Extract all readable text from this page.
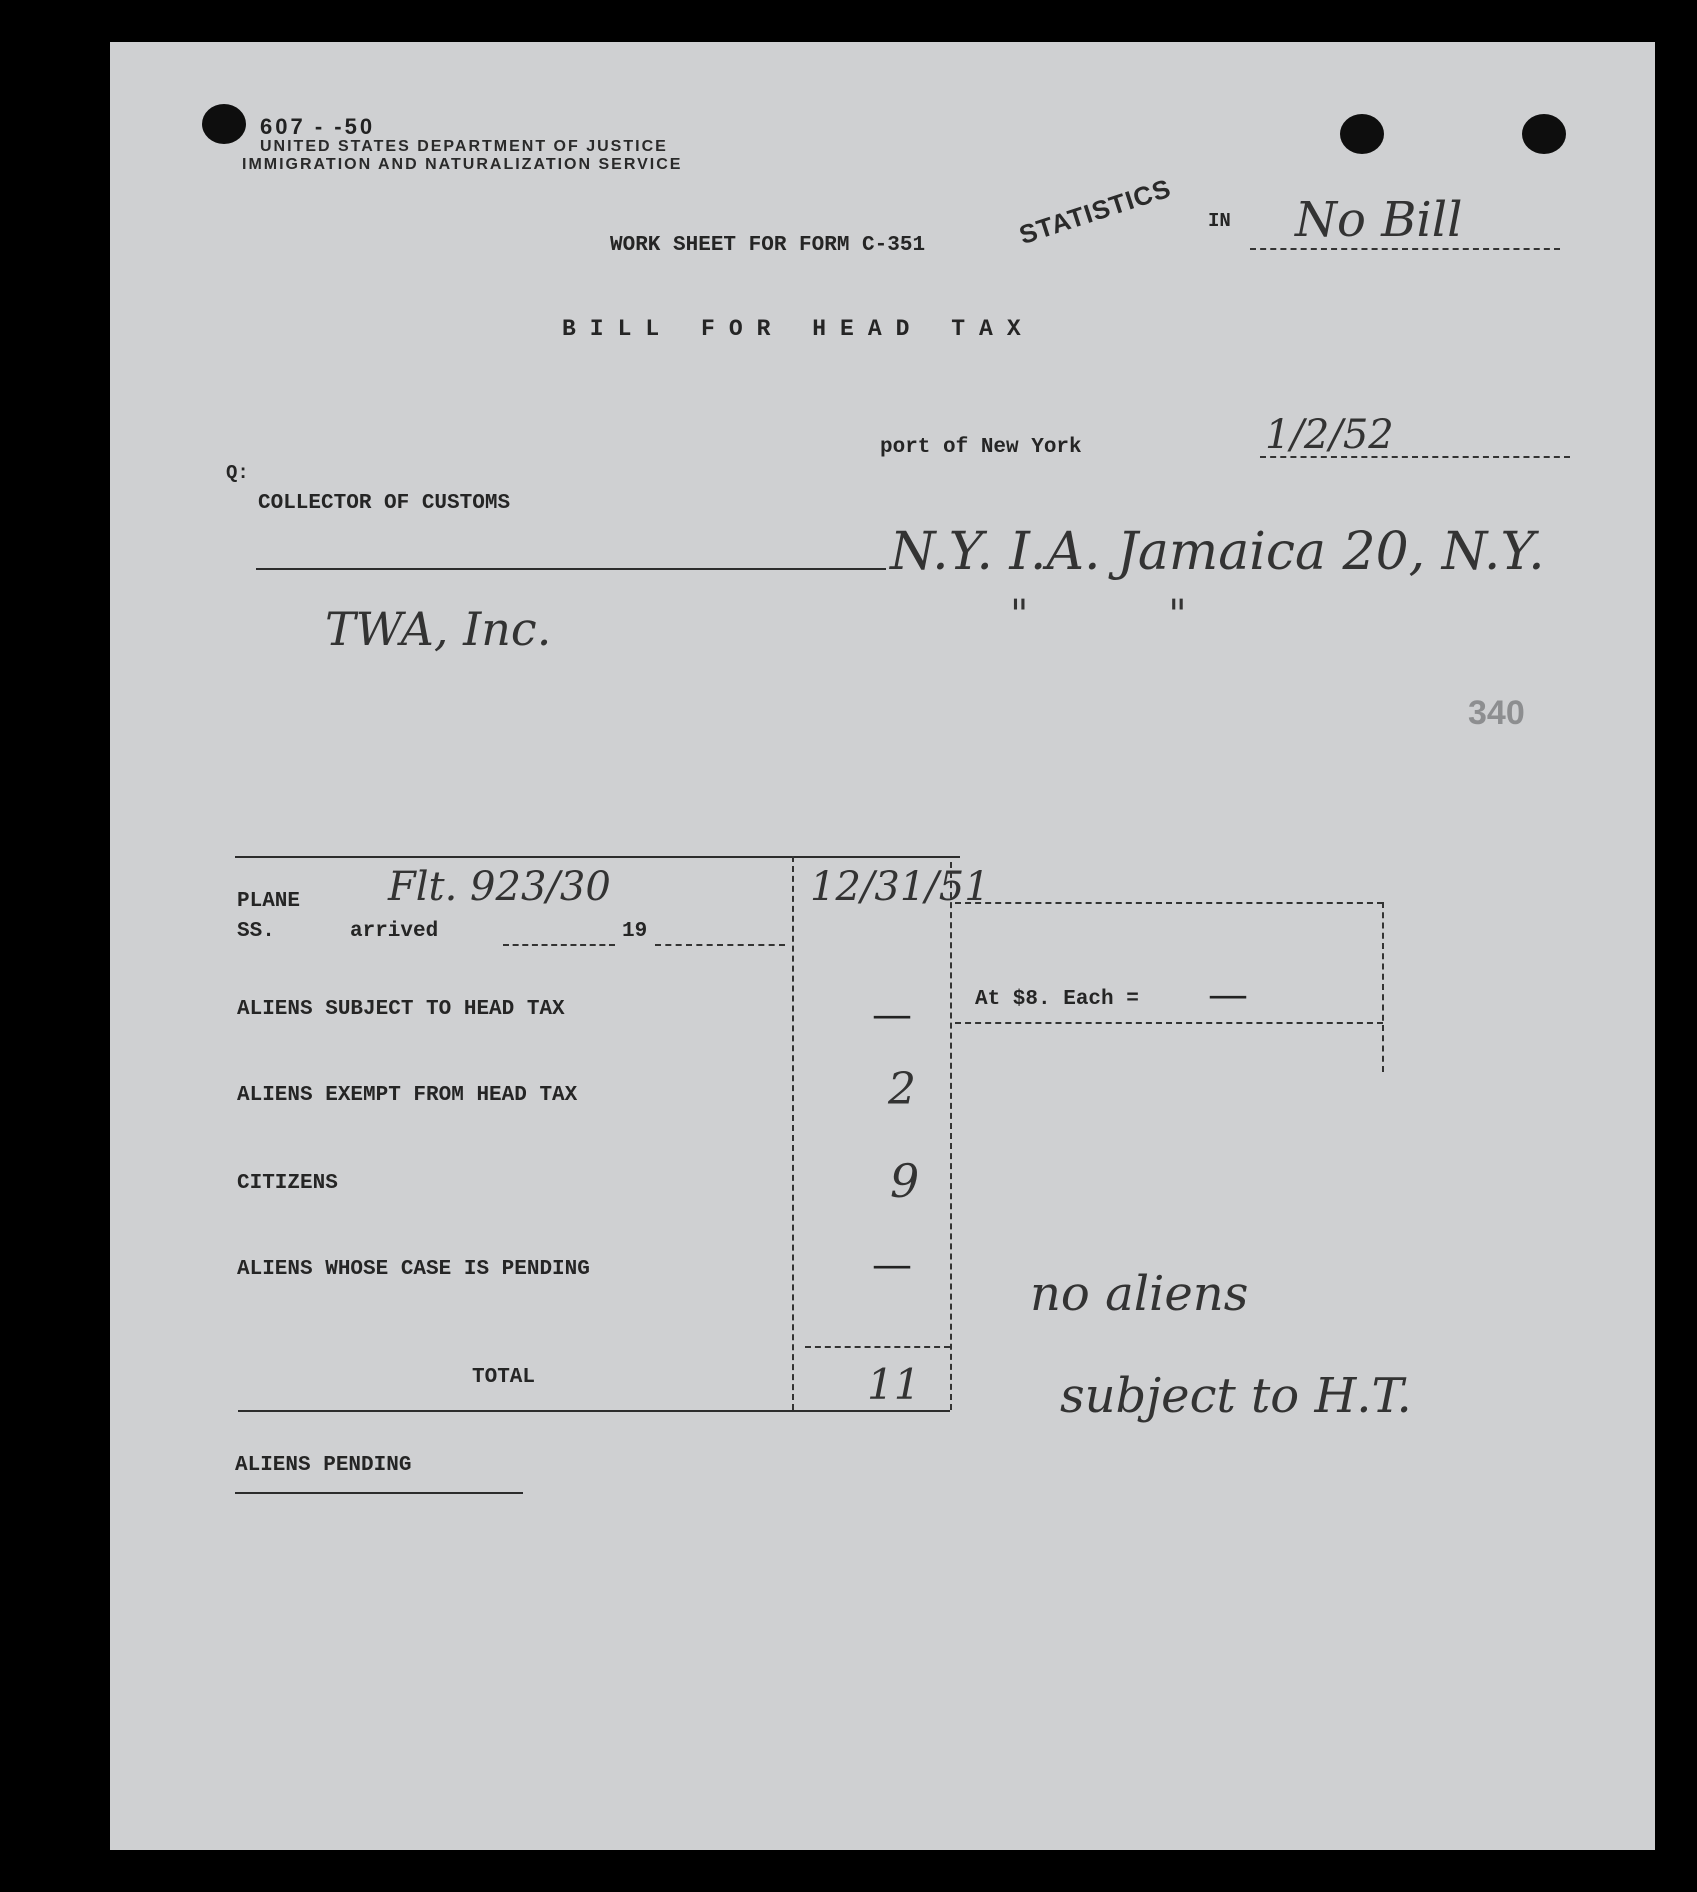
607 - -50
UNITED STATES DEPARTMENT OF JUSTICE
IMMIGRATION AND NATURALIZATION SERVICE
WORK SHEET FOR FORM C-351	STATISTICS IN No Bill
BILL FOR HEAD TAX
port of New York	1/2/52
Q:
COLLECTOR OF CUSTOMS
N.Y. I.A. Jamaica 20, N.Y.
TWA, Inc.	"           "
340
PLANE Flt. 923/30
SS.	arrived	19
12/31/51
At $8. Each = —
ALIENS SUBJECT TO HEAD TAX	—
ALIENS EXEMPT FROM HEAD TAX	2
CITIZENS	9
ALIENS WHOSE CASE IS PENDING	—
TOTAL	11
ALIENS PENDING
no aliens
subject to H.T.
